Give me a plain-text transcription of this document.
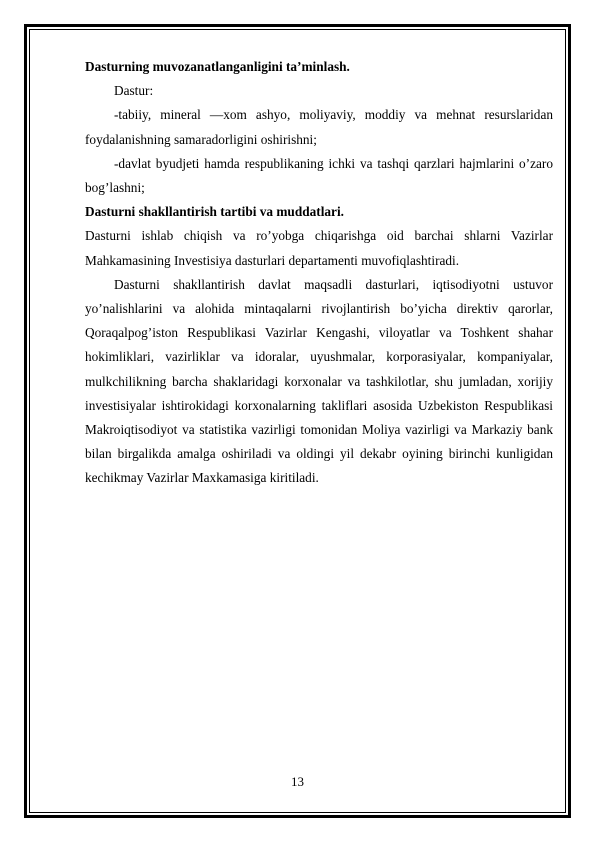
Dasturning muvozanatlanganligini ta’minlash.

Dastur:

-tabiiy, mineral —xom ashyo, moliyaviy, moddiy va mehnat resurslaridan foydalanishning samaradorligini oshirishni;

-davlat byudjeti hamda respublikaning ichki va tashqi qarzlari hajmlarini o’zaro bog’lashni;

Dasturni shakllantirish tartibi va muddatlari.

Dasturni ishlab chiqish va ro’yobga chiqarishga oid barchai shlarni Vazirlar Mahkamasining Investisiya dasturlari departamenti muvofiqlashtiradi.

Dasturni shakllantirish davlat maqsadli dasturlari, iqtisodiyotni ustuvor yo’nalishlarini va alohida mintaqalarni rivojlantirish bo’yicha direktiv qarorlar, Qoraqalpog’iston Respublikasi Vazirlar Kengashi, viloyatlar va Toshkent shahar hokimliklari, vazirliklar va idoralar, uyushmalar, korporasiyalar, kompaniyalar, mulkchilikning barcha shaklaridagi korxonalar va tashkilotlar, shu jumladan, xorijiy investisiyalar ishtirokidagi korxonalarning takliflari asosida Uzbekiston Respublikasi Makroiqtisodiyot va statistika vazirligi tomonidan Moliya vazirligi va Markaziy bank bilan birgalikda amalga oshiriladi va oldingi yil dekabr oyining birinchi kunligidan kechikmay Vazirlar Maxkamasiga kiritiladi.

13
